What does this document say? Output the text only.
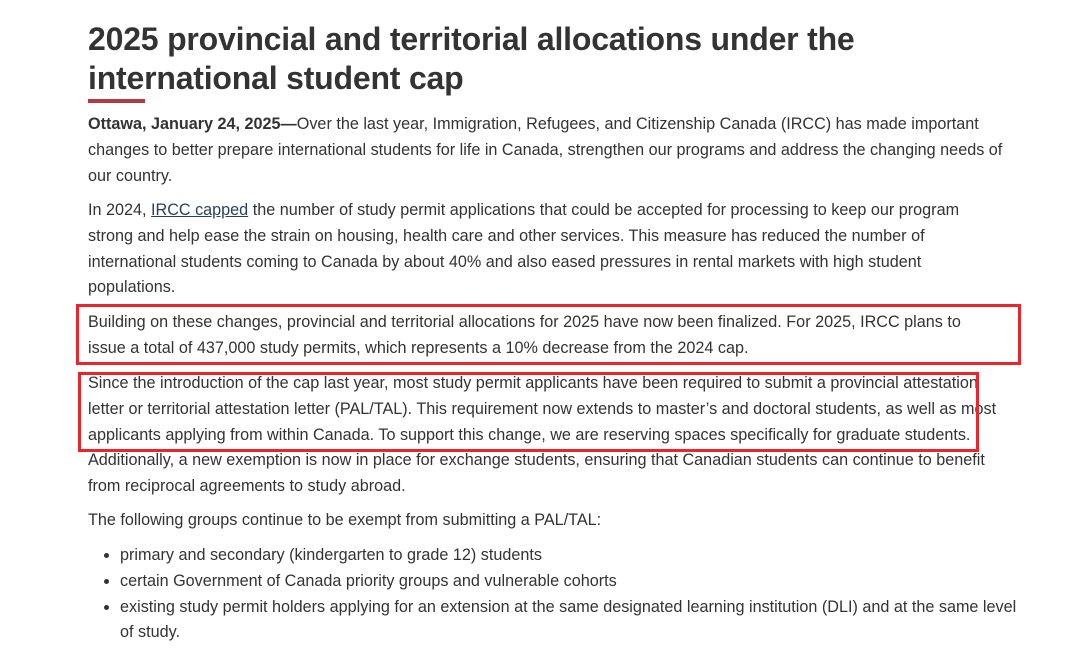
2025 provincial and territorial allocations under the international student cap

Ottawa, January 24, 2025—Over the last year, Immigration, Refugees, and Citizenship Canada (IRCC) has made important changes to better prepare international students for life in Canada, strengthen our programs and address the changing needs of our country.

In 2024, IRCC capped the number of study permit applications that could be accepted for processing to keep our program strong and help ease the strain on housing, health care and other services. This measure has reduced the number of international students coming to Canada by about 40% and also eased pressures in rental markets with high student populations.

Building on these changes, provincial and territorial allocations for 2025 have now been finalized. For 2025, IRCC plans to issue a total of 437,000 study permits, which represents a 10% decrease from the 2024 cap.

Since the introduction of the cap last year, most study permit applicants have been required to submit a provincial attestation letter or territorial attestation letter (PAL/TAL). This requirement now extends to master’s and doctoral students, as well as most applicants applying from within Canada. To support this change, we are reserving spaces specifically for graduate students. Additionally, a new exemption is now in place for exchange students, ensuring that Canadian students can continue to benefit from reciprocal agreements to study abroad.

The following groups continue to be exempt from submitting a PAL/TAL:

• primary and secondary (kindergarten to grade 12) students
• certain Government of Canada priority groups and vulnerable cohorts
• existing study permit holders applying for an extension at the same designated learning institution (DLI) and at the same level of study.
